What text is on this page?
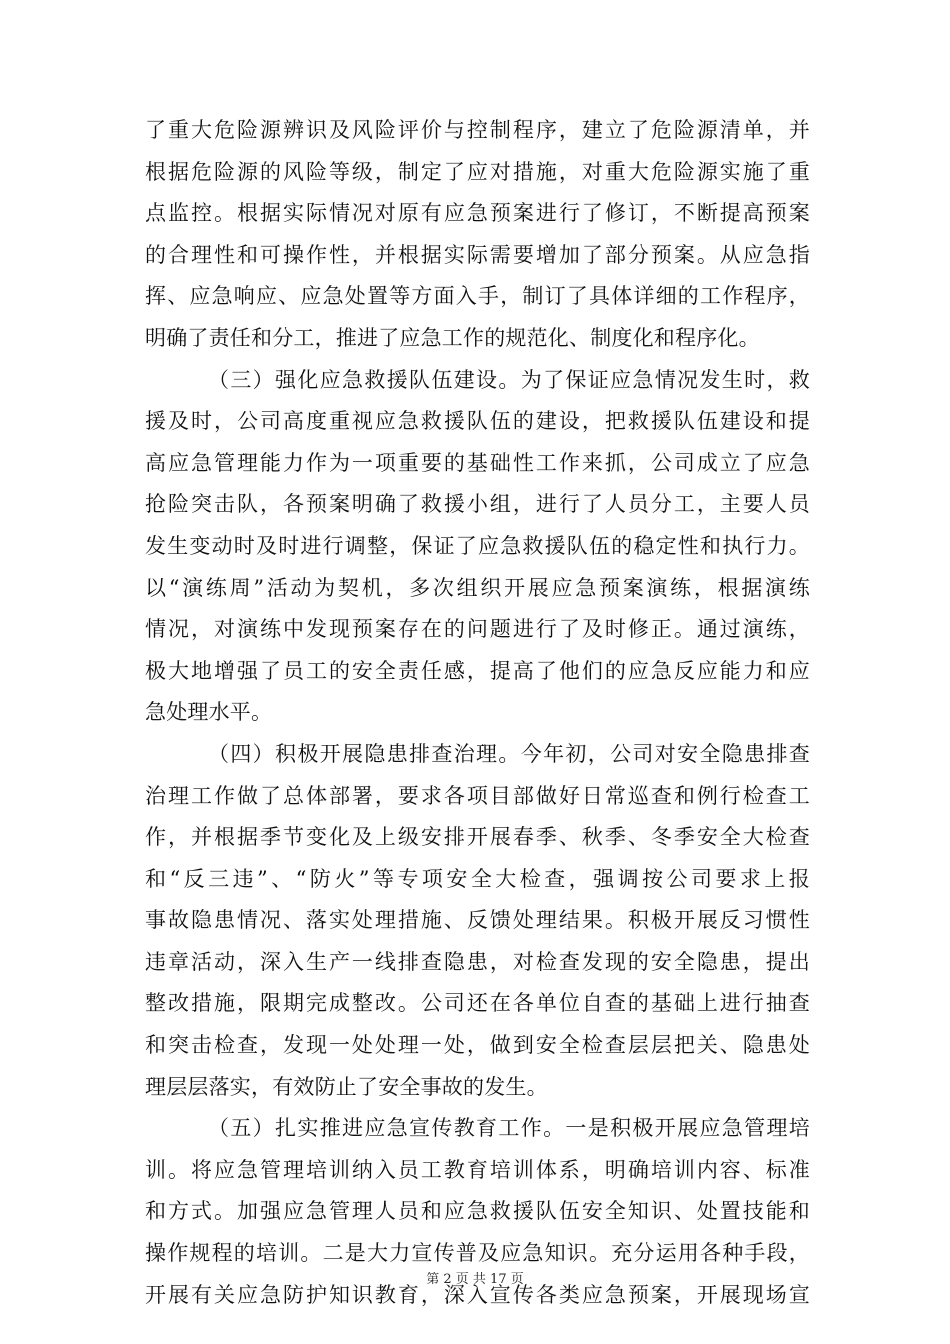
了重大危险源辨识及风险评价与控制程序，建立了危险源清单，并
根据危险源的风险等级，制定了应对措施，对重大危险源实施了重
点监控。根据实际情况对原有应急预案进行了修订，不断提高预案
的合理性和可操作性，并根据实际需要增加了部分预案。从应急指
挥、应急响应、应急处置等方面入手，制订了具体详细的工作程序，
明确了责任和分工，推进了应急工作的规范化、制度化和程序化。
（三）强化应急救援队伍建设。为了保证应急情况发生时，救
援及时，公司高度重视应急救援队伍的建设，把救援队伍建设和提
高应急管理能力作为一项重要的基础性工作来抓，公司成立了应急
抢险突击队，各预案明确了救援小组，进行了人员分工，主要人员
发生变动时及时进行调整，保证了应急救援队伍的稳定性和执行力。
以“演练周”活动为契机，多次组织开展应急预案演练，根据演练
情况，对演练中发现预案存在的问题进行了及时修正。通过演练，
极大地增强了员工的安全责任感，提高了他们的应急反应能力和应
急处理水平。
（四）积极开展隐患排查治理。今年初，公司对安全隐患排查
治理工作做了总体部署，要求各项目部做好日常巡查和例行检查工
作，并根据季节变化及上级安排开展春季、秋季、冬季安全大检查
和“反三违”、“防火”等专项安全大检查，强调按公司要求上报
事故隐患情况、落实处理措施、反馈处理结果。积极开展反习惯性
违章活动，深入生产一线排查隐患，对检查发现的安全隐患，提出
整改措施，限期完成整改。公司还在各单位自查的基础上进行抽查
和突击检查，发现一处处理一处，做到安全检查层层把关、隐患处
理层层落实，有效防止了安全事故的发生。
（五）扎实推进应急宣传教育工作。一是积极开展应急管理培
训。将应急管理培训纳入员工教育培训体系，明确培训内容、标准
和方式。加强应急管理人员和应急救援队伍安全知识、处置技能和
操作规程的培训。二是大力宣传普及应急知识。充分运用各种手段，
开展有关应急防护知识教育，深入宣传各类应急预案，开展现场宣
第 2 页 共 17 页
